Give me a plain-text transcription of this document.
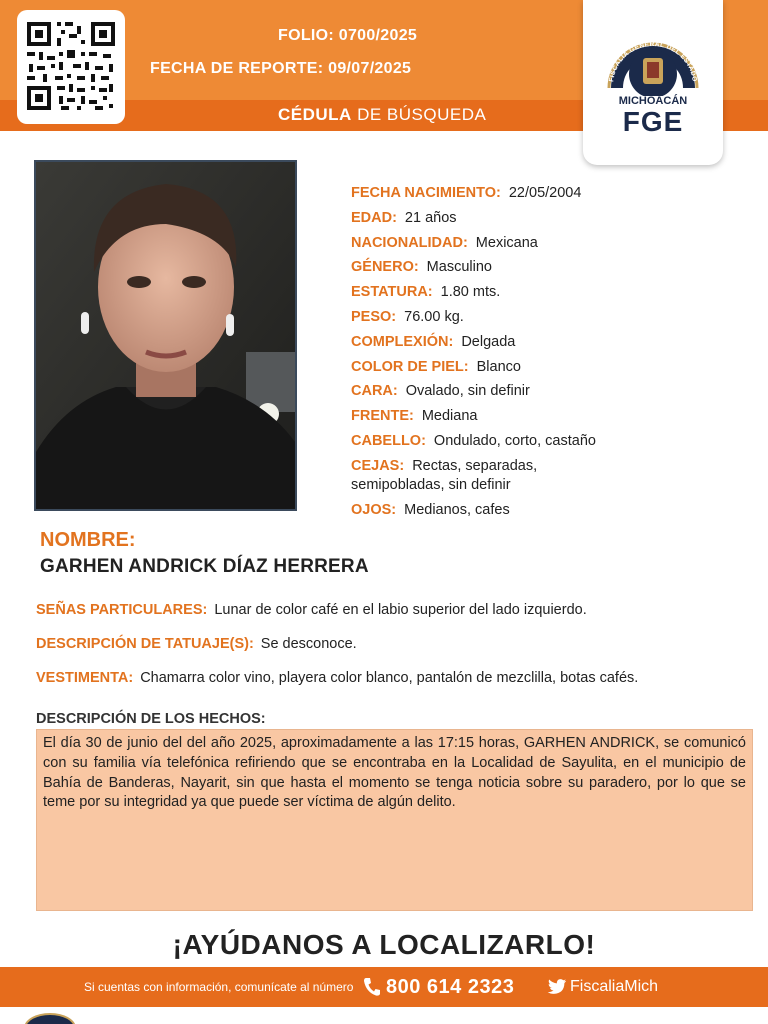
FOLIO: 0700/2025
FECHA DE REPORTE: 09/07/2025
CÉDULA DE BÚSQUEDA
FISCALÍA GENERAL DEL ESTADO
MICHOACÁN
FGE
FECHA NACIMIENTO: 22/05/2004
EDAD: 21 años
NACIONALIDAD: Mexicana
GÉNERO: Masculino
ESTATURA: 1.80 mts.
PESO: 76.00 kg.
COMPLEXIÓN: Delgada
COLOR DE PIEL: Blanco
CARA: Ovalado, sin definir
FRENTE: Mediana
CABELLO: Ondulado, corto, castaño
CEJAS: Rectas, separadas, semipobladas, sin definir
OJOS: Medianos, cafes
NOMBRE:
GARHEN ANDRICK DÍAZ HERRERA
SEÑAS PARTICULARES: Lunar de color café en el labio superior del lado izquierdo.
DESCRIPCIÓN DE TATUAJE(S): Se desconoce.
VESTIMENTA: Chamarra color vino, playera color blanco, pantalón de mezclilla, botas cafés.
DESCRIPCIÓN DE LOS HECHOS:
El día 30 de junio del del año 2025, aproximadamente a las 17:15 horas, GARHEN ANDRICK, se comunicó con su familia vía telefónica refiriendo que se encontraba en la Localidad de Sayulita, en el municipio de Bahía de Banderas, Nayarit, sin que hasta el momento se tenga noticia sobre su paradero, por lo que se teme por su integridad ya que puede ser víctima de algún delito.
¡AYÚDANOS A LOCALIZARLO!
Si cuentas con información, comunícate al número 800 614 2323	FiscaliaMich
